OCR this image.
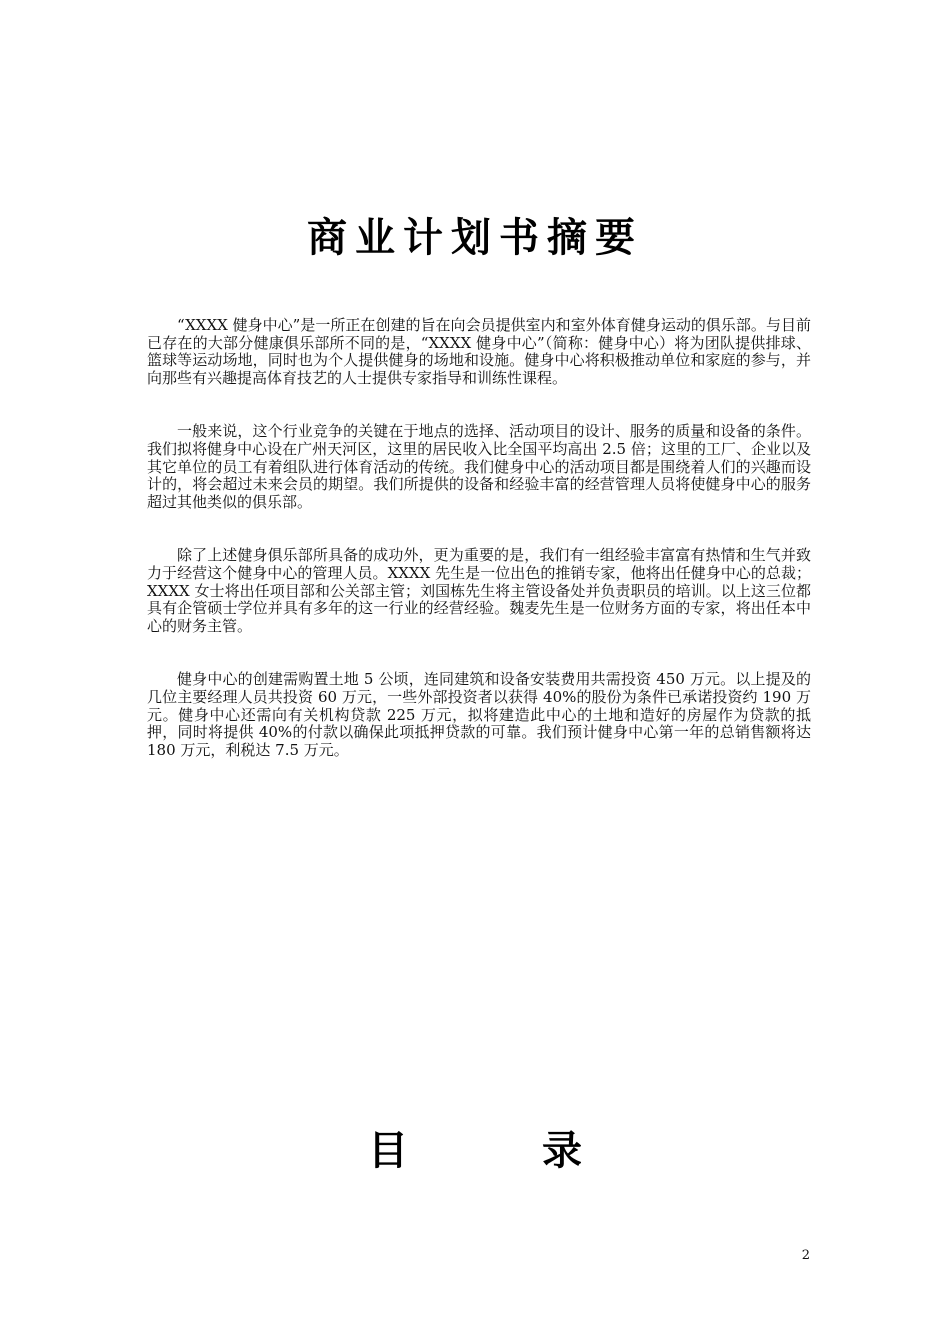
商业计划书摘要

“XXXX 健身中心”是一所正在创建的旨在向会员提供室内和室外体育健身运动的俱乐部。与目前已存在的大部分健康俱乐部所不同的是，“XXXX 健身中心”（简称：健身中心）将为团队提供排球、篮球等运动场地，同时也为个人提供健身的场地和设施。健身中心将积极推动单位和家庭的参与，并向那些有兴趣提高体育技艺的人士提供专家指导和训练性课程。

一般来说，这个行业竞争的关键在于地点的选择、活动项目的设计、服务的质量和设备的条件。我们拟将健身中心设在广州天河区，这里的居民收入比全国平均高出 2.5 倍；这里的工厂、企业以及其它单位的员工有着组队进行体育活动的传统。我们健身中心的活动项目都是围绕着人们的兴趣而设计的，将会超过未来会员的期望。我们所提供的设备和经验丰富的经营管理人员将使健身中心的服务超过其他类似的俱乐部。

除了上述健身俱乐部所具备的成功外，更为重要的是，我们有一组经验丰富富有热情和生气并致力于经营这个健身中心的管理人员。XXXX 先生是一位出色的推销专家，他将出任健身中心的总裁；XXXX 女士将出任项目部和公关部主管；刘国栋先生将主管设备处并负责职员的培训。以上这三位都具有企管硕士学位并具有多年的这一行业的经营经验。魏麦先生是一位财务方面的专家，将出任本中心的财务主管。

健身中心的创建需购置土地 5 公顷，连同建筑和设备安装费用共需投资 450 万元。以上提及的几位主要经理人员共投资 60 万元，一些外部投资者以获得 40%的股份为条件已承诺投资约 190 万元。健身中心还需向有关机构贷款 225 万元，拟将建造此中心的土地和造好的房屋作为贷款的抵押，同时将提供 40%的付款以确保此项抵押贷款的可靠。我们预计健身中心第一年的总销售额将达 180 万元，利税达 7.5 万元。

目 录
2
